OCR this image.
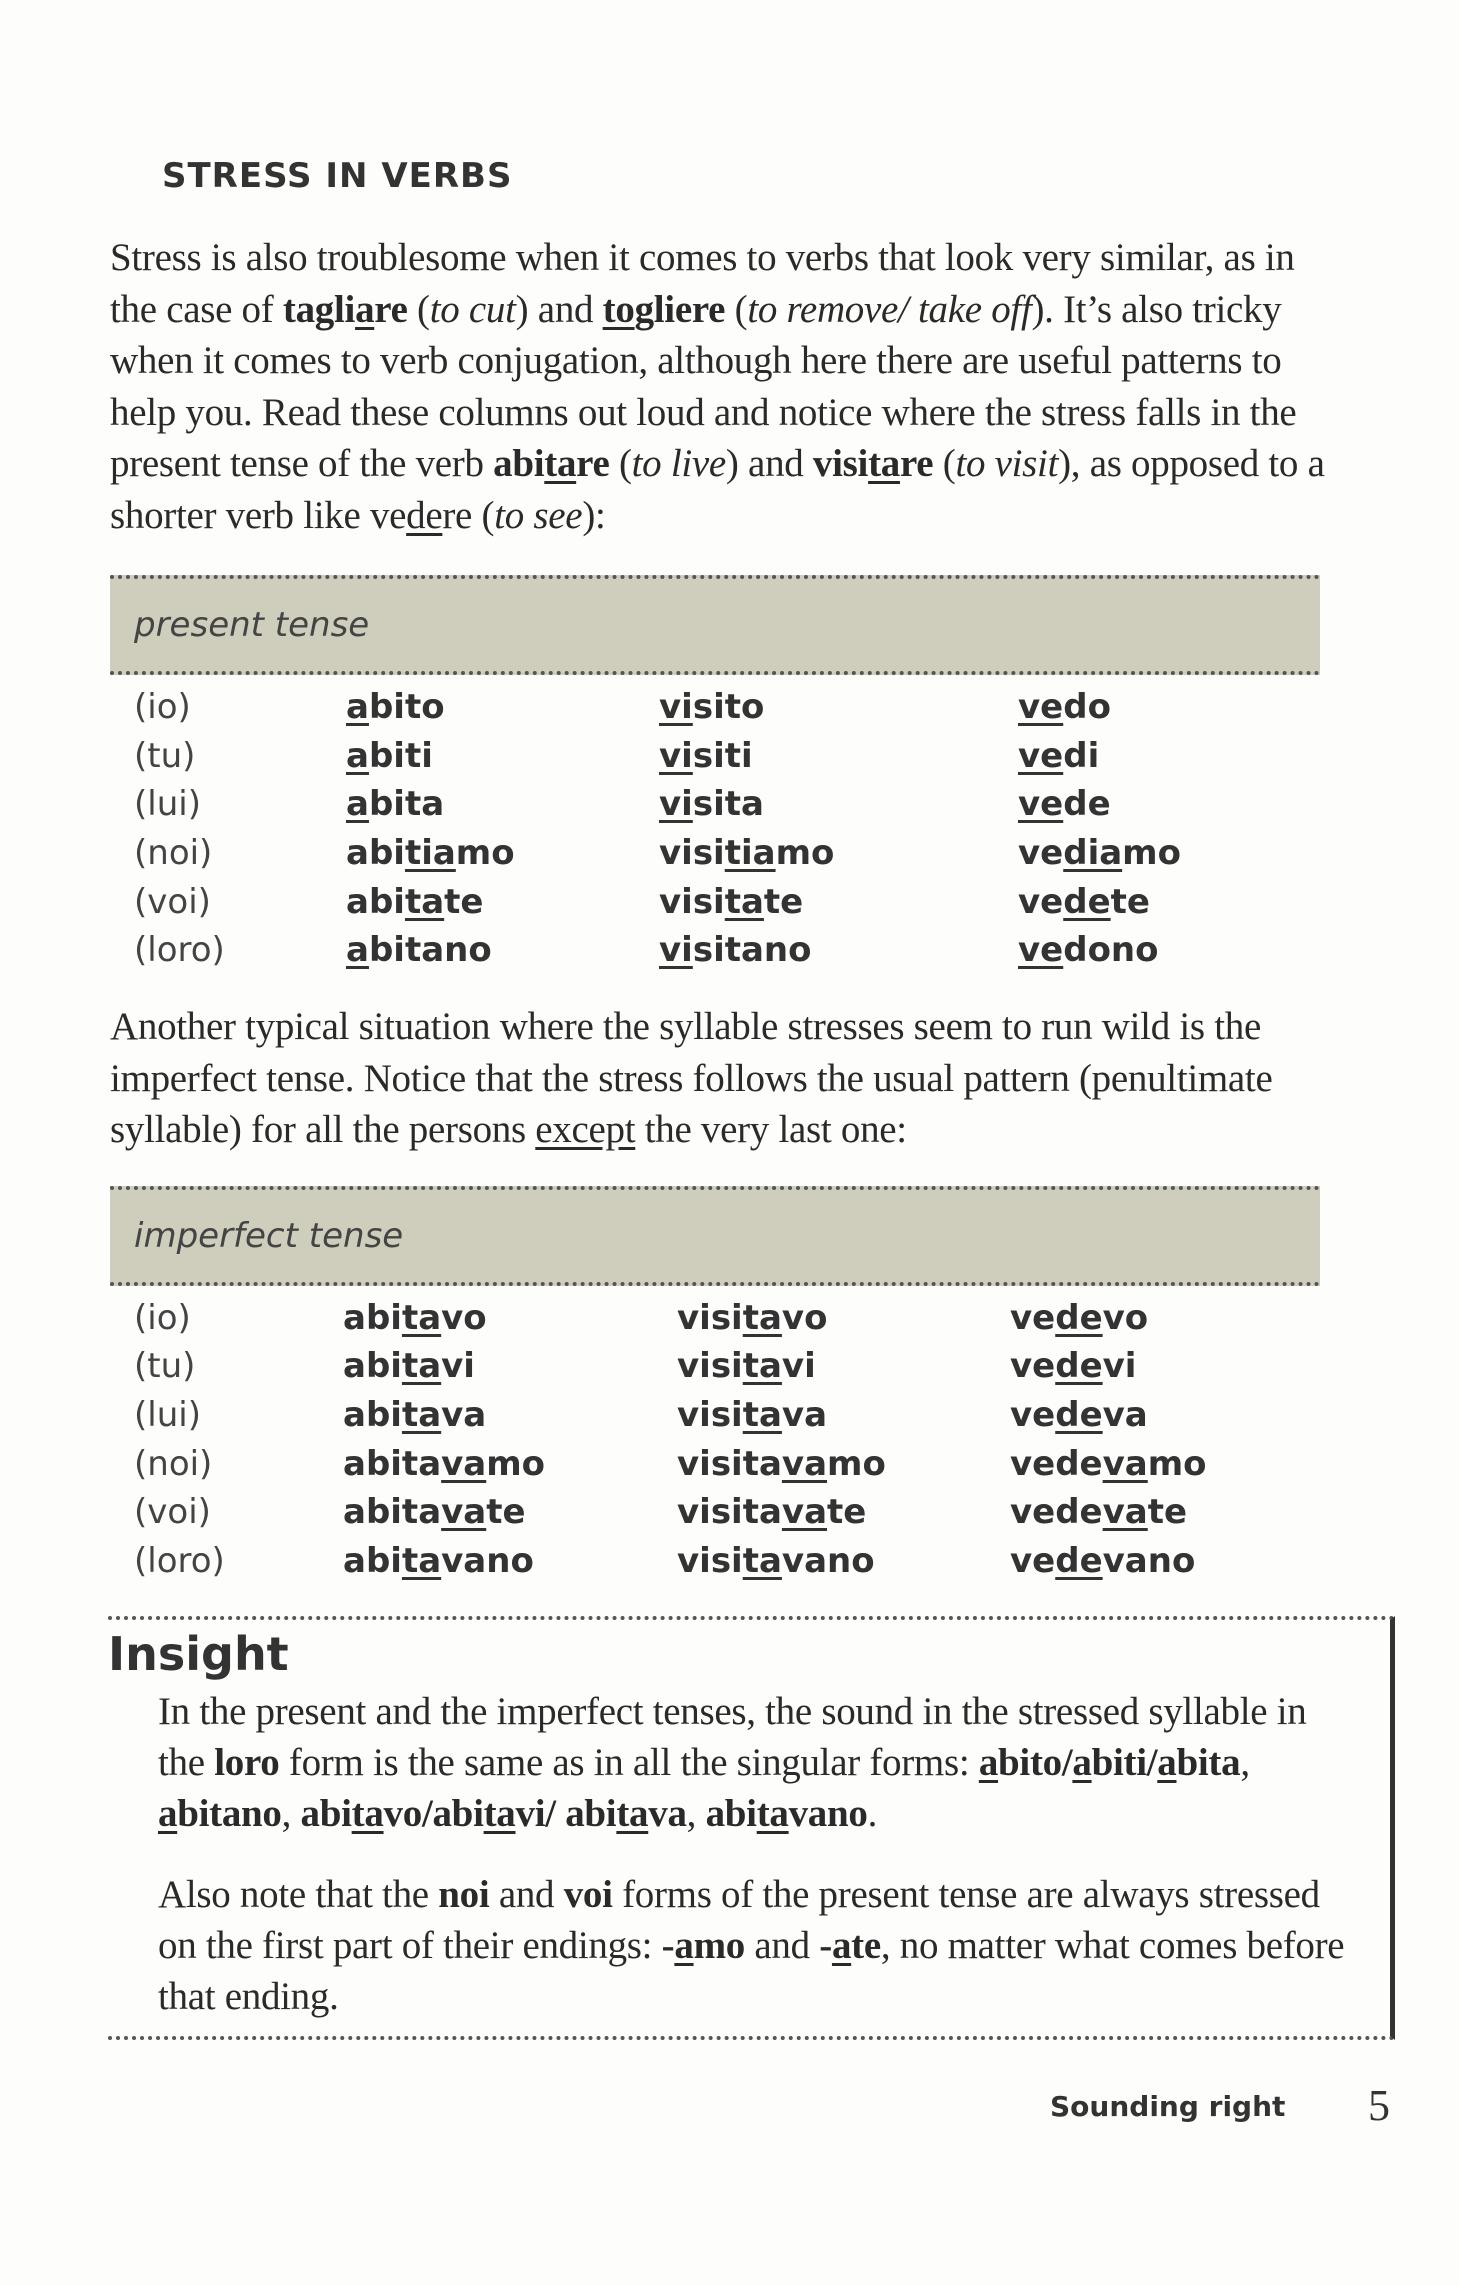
STRESS IN VERBS

Stress is also troublesome when it comes to verbs that look very similar, as in the case of tagliare (to cut) and togliere (to remove/ take off). It’s also tricky when it comes to verb conjugation, although here there are useful patterns to help you. Read these columns out loud and notice where the stress falls in the present tense of the verb abitare (to live) and visitare (to visit), as opposed to a shorter verb like vedere (to see):

present tense
(io)	abito	visito	vedo
(tu)	abiti	visiti	vedi
(lui)	abita	visita	vede
(noi)	abitiamo	visitiamo	vediamo
(voi)	abitate	visitate	vedete
(loro)	abitano	visitano	vedono

Another typical situation where the syllable stresses seem to run wild is the imperfect tense. Notice that the stress follows the usual pattern (penultimate syllable) for all the persons except the very last one:

imperfect tense
(io)	abitavo	visitavo	vedevo
(tu)	abitavi	visitavi	vedevi
(lui)	abitava	visitava	vedeva
(noi)	abitavamo	visitavamo	vedevamo
(voi)	abitavate	visitavate	vedevate
(loro)	abitavano	visitavano	vedevano
Insight

In the present and the imperfect tenses, the sound in the stressed syllable in the loro form is the same as in all the singular forms: abito/abiti/abita, abitano, abitavo/abitavi/ abitava, abitavano.

Also note that the noi and voi forms of the present tense are always stressed on the first part of their endings: -amo and -ate, no matter what comes before that ending.

Sounding right 5
